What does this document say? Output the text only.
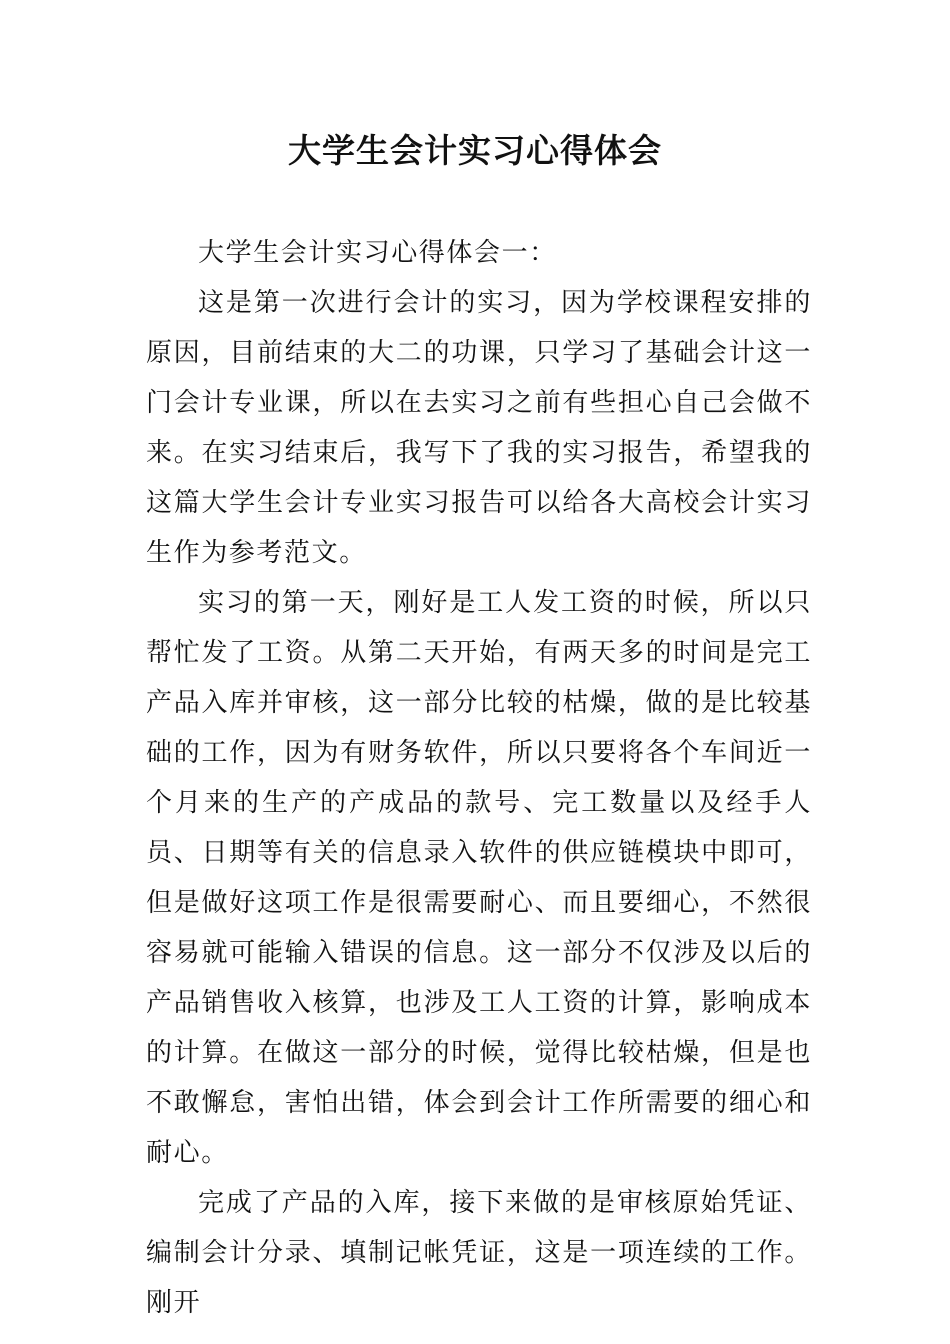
大学生会计实习心得体会

大学生会计实习心得体会一：

这是第一次进行会计的实习，因为学校课程安排的原因，目前结束的大二的功课，只学习了基础会计这一门会计专业课，所以在去实习之前有些担心自己会做不来。在实习结束后，我写下了我的实习报告，希望我的这篇大学生会计专业实习报告可以给各大高校会计实习生作为参考范文。

实习的第一天，刚好是工人发工资的时候，所以只帮忙发了工资。从第二天开始，有两天多的时间是完工产品入库并审核，这一部分比较的枯燥，做的是比较基础的工作，因为有财务软件，所以只要将各个车间近一个月来的生产的产成品的款号、完工数量以及经手人员、日期等有关的信息录入软件的供应链模块中即可，但是做好这项工作是很需要耐心、而且要细心，不然很容易就可能输入错误的信息。这一部分不仅涉及以后的产品销售收入核算，也涉及工人工资的计算，影响成本的计算。在做这一部分的时候，觉得比较枯燥，但是也不敢懈怠，害怕出错，体会到会计工作所需要的细心和耐心。

完成了产品的入库，接下来做的是审核原始凭证、编制会计分录、填制记帐凭证，这是一项连续的工作。刚开
